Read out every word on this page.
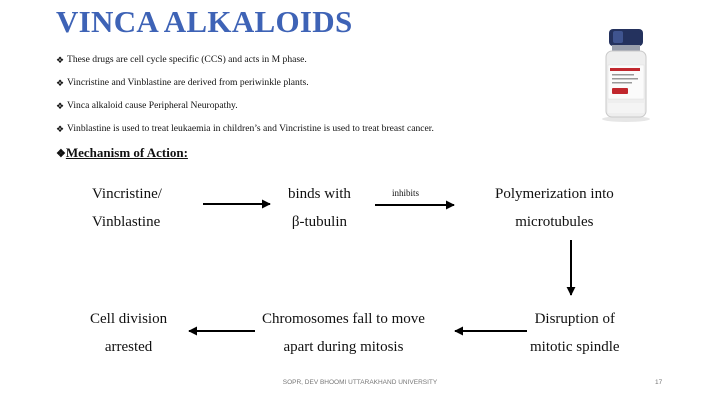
VINCA ALKALOIDS
❖ These drugs are cell cycle specific (CCS) and acts in M phase.
❖ Vincristine and Vinblastine are derived from periwinkle plants.
❖ Vinca alkaloid cause Peripheral Neuropathy.
❖ Vinblastine is used to treat leukaemia in children’s and Vincristine is used to treat breast cancer.
❖Mechanism of Action:
inhibits
Vincristine/
Vinblastine
binds with
β-tubulin
Polymerization into
microtubules
Disruption of
mitotic spindle
Chromosomes fall to move
apart during mitosis
Cell division
arrested
SOPR, DEV BHOOMI UTTARAKHAND UNIVERSITY	17
